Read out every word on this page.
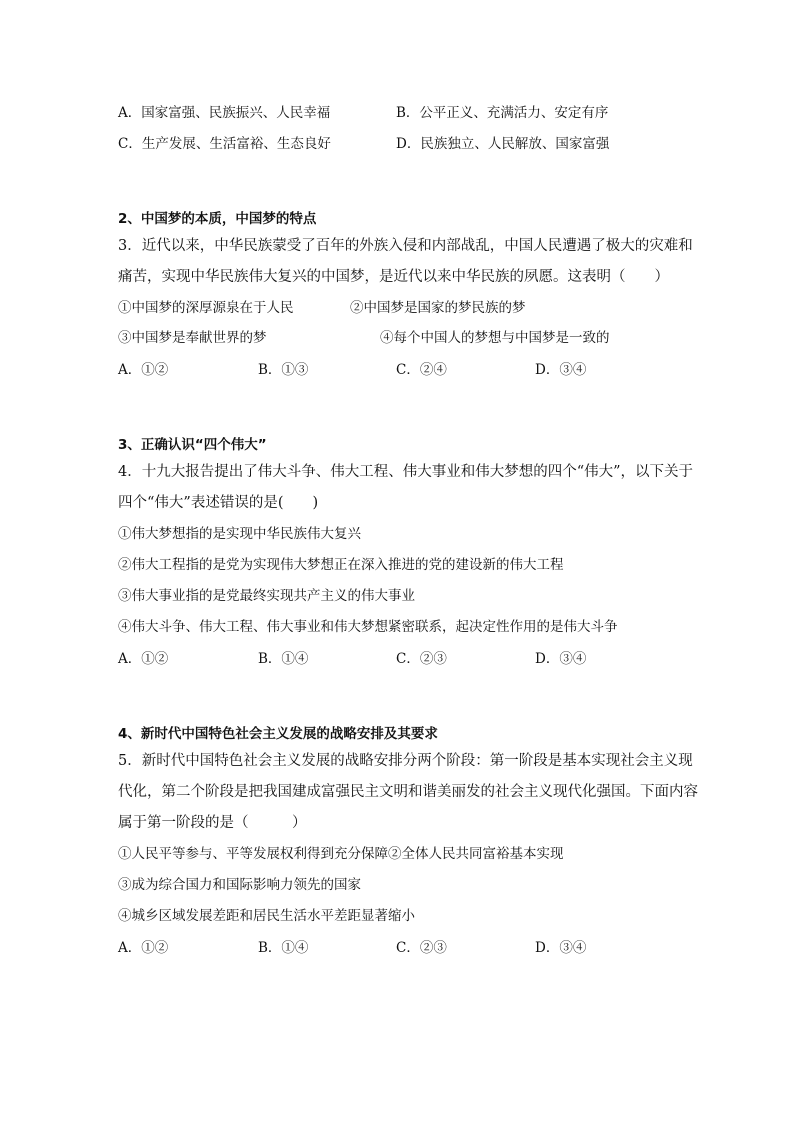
A．国家富强、民族振兴、人民幸福	B．公平正义、充满活力、安定有序
C．生产发展、生活富裕、生态良好	D．民族独立、人民解放、国家富强
2、中国梦的本质，中国梦的特点
3．近代以来，中华民族蒙受了百年的外族入侵和内部战乱，中国人民遭遇了极大的灾难和
痛苦，实现中华民族伟大复兴的中国梦，是近代以来中华民族的夙愿。这表明（　　）
①中国梦的深厚源泉在于人民	②中国梦是国家的梦民族的梦
③中国梦是奉献世界的梦	④每个中国人的梦想与中国梦是一致的
A．①②	B．①③	C．②④	D．③④
3、正确认识“四个伟大”
4．十九大报告提出了伟大斗争、伟大工程、伟大事业和伟大梦想的四个“伟大”，以下关于
四个“伟大”表述错误的是(　　)
①伟大梦想指的是实现中华民族伟大复兴
②伟大工程指的是党为实现伟大梦想正在深入推进的党的建设新的伟大工程
③伟大事业指的是党最终实现共产主义的伟大事业
④伟大斗争、伟大工程、伟大事业和伟大梦想紧密联系，起决定性作用的是伟大斗争
A．①②	B．①④	C．②③	D．③④
4、新时代中国特色社会主义发展的战略安排及其要求
5．新时代中国特色社会主义发展的战略安排分两个阶段：第一阶段是基本实现社会主义现
代化，第二个阶段是把我国建成富强民主文明和谐美丽发的社会主义现代化强国。下面内容
属于第一阶段的是（　　　）
①人民平等参与、平等发展权利得到充分保障②全体人民共同富裕基本实现
③成为综合国力和国际影响力领先的国家
④城乡区域发展差距和居民生活水平差距显著缩小
A．①②	B．①④	C．②③	D．③④
